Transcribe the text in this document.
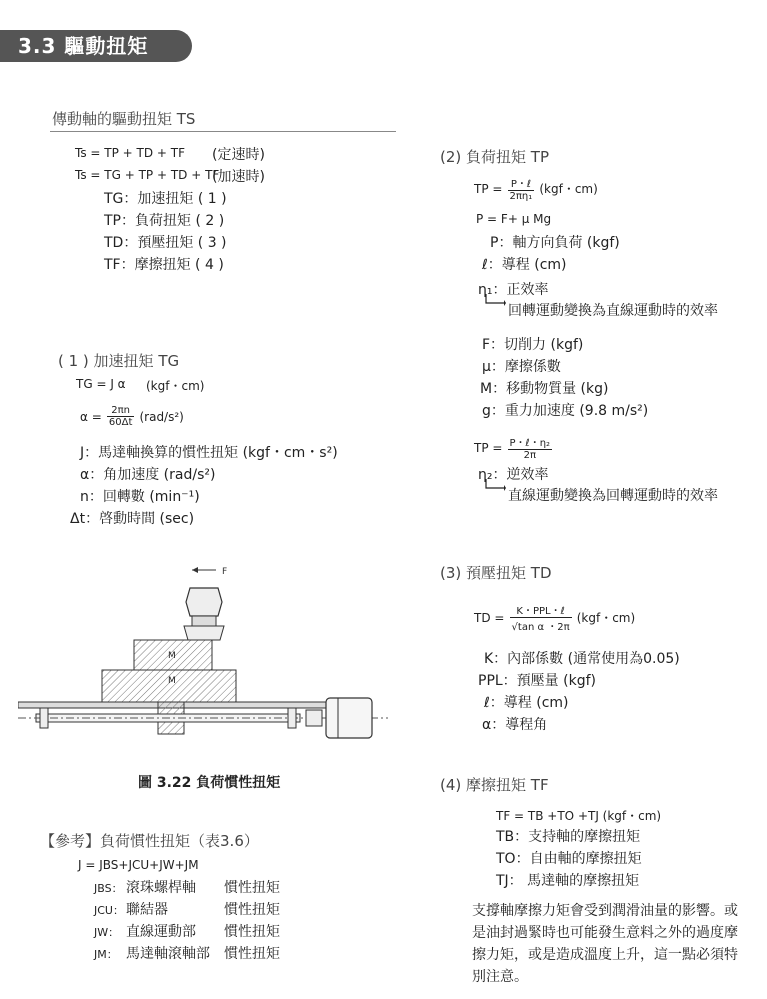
3.3 驅動扭矩
傳動軸的驅動扭矩 TS
Ts = TP + TD + TF (定速時)
Ts = TG + TP + TD + TF
(加速時)
TG：加速扭矩 ( 1 )
TP：負荷扭矩 ( 2 )
TD：預壓扭矩 ( 3 )
TF：摩擦扭矩 ( 4 )
( 1 ) 加速扭矩 TG
TG = J α (kgf・cm)
$\alpha = \frac{2\pi n}{60\Delta t} (rad/s^2)$
J：馬達軸換算的慣性扭矩 (kgf・cm・s²)
α：角加速度 (rad/s²)
n：回轉數 (min⁻¹)
Δt：啓動時間 (sec)
F
M
M
圖 3.22 負荷慣性扭矩
【參考】負荷慣性扭矩（表3.6）
J = JBS+JCU+JW+JM
JBS： 滾珠螺桿軸 慣性扭矩
JCU： 聯結器	慣性扭矩
JW： 直線運動部 慣性扭矩
JM： 馬達軸滾軸部 慣性扭矩
(2) 負荷扭矩 TP
TP = $\frac{\text{P・ℓ}}{\text{2πη₁}} (kgf$・cm)
P = F+ μ Mg
P：軸方向負荷 (kgf)
ℓ：導程 (cm)
η₁：正效率
回轉運動變換為直線運動時的效率
F：切削力 (kgf)
μ：摩擦係數
M：移動物質量 (kg)
g：重力加速度 (9.8 m/s²)
TP = $\frac{\text{P・ℓ・η₂}}{2\pi}$
η₂：逆效率
直線運動變換為回轉運動時的效率
(3) 預壓扭矩 TD
TD = $\frac{\text{K・PPL・ℓ}}{\text{√tan α ・2π}} (kgf$・cm)
K：內部係數 (通常使用為0.05)
PPL：預壓量 (kgf)
ℓ：導程 (cm)
α：導程角
(4) 摩擦扭矩 TF
TF = TB +TO +TJ (kgf・cm)
TB：支持軸的摩擦扭矩
TO：自由軸的摩擦扭矩
TJ： 馬達軸的摩擦扭矩
支撐軸摩擦力矩會受到潤滑油量的影響。或是油封過緊時也可能發生意料之外的過度摩擦力矩，或是造成溫度上升，這一點必須特別注意。
